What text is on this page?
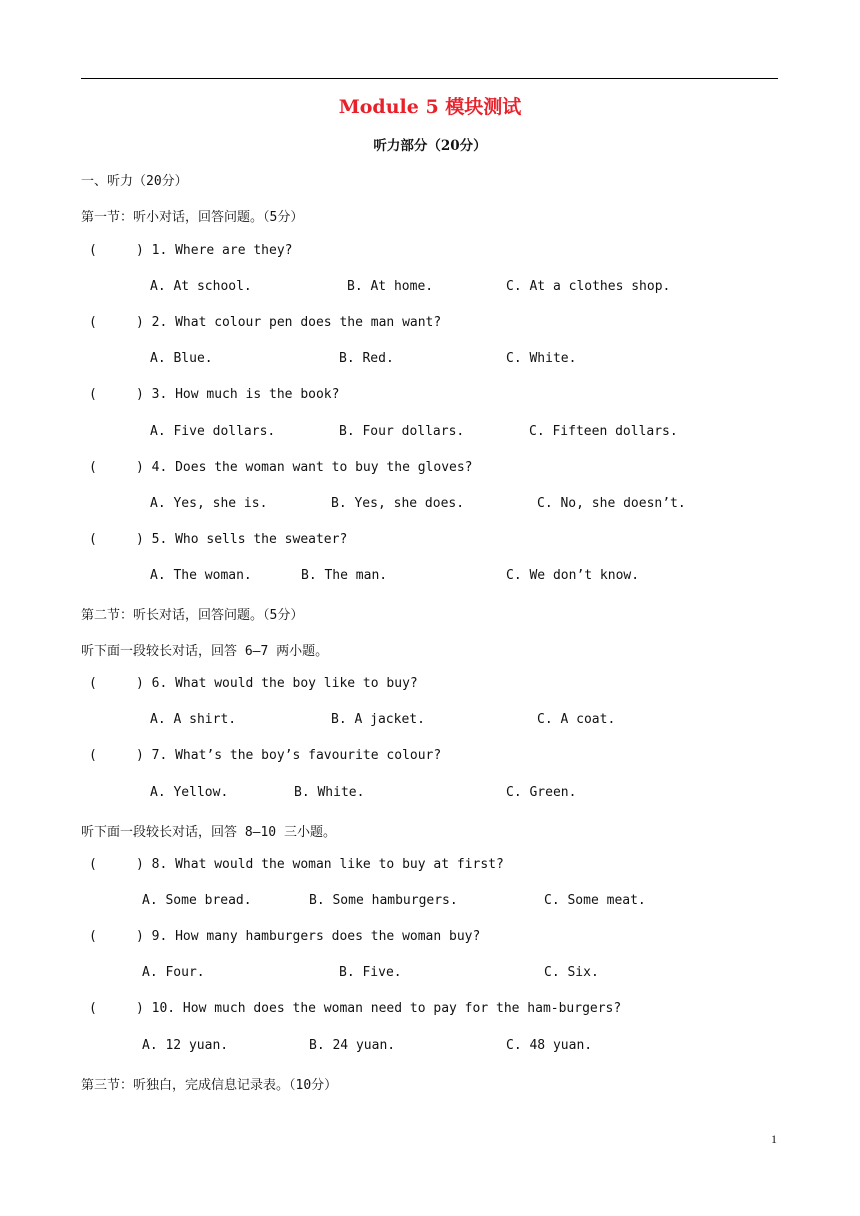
Module 5 模块测试
听力部分（20分）
一、听力（20分）
第一节：听小对话，回答问题。（5分）
(     ) 1. Where are they?
A. At school.	B. At home.	C. At a clothes shop.
(     ) 2. What colour pen does the man want?
A. Blue.	B. Red.	C. White.
(     ) 3. How much is the book?
A. Five dollars.	B. Four dollars.	C. Fifteen dollars.
(     ) 4. Does the woman want to buy the gloves?
A. Yes, she is.	B. Yes, she does.	C. No, she doesn’t.
(     ) 5. Who sells the sweater?
A. The woman.	B. The man.	C. We don’t know.
第二节：听长对话，回答问题。（5分）
听下面一段较长对话，回答 6—7 两小题。
(     ) 6. What would the boy like to buy?
A. A shirt.	B. A jacket.	C. A coat.
(     ) 7. What’s the boy’s favourite colour?
A. Yellow.	B. White.	C. Green.
听下面一段较长对话，回答 8—10 三小题。
(     ) 8. What would the woman like to buy at first?
A. Some bread.	B. Some hamburgers.	C. Some meat.
(     ) 9. How many hamburgers does the woman buy?
A. Four.	B. Five.	C. Six.
(     ) 10. How much does the woman need to pay for the ham-burgers?
A. 12 yuan.	B. 24 yuan.	C. 48 yuan.
第三节：听独白，完成信息记录表。（10分）
1
